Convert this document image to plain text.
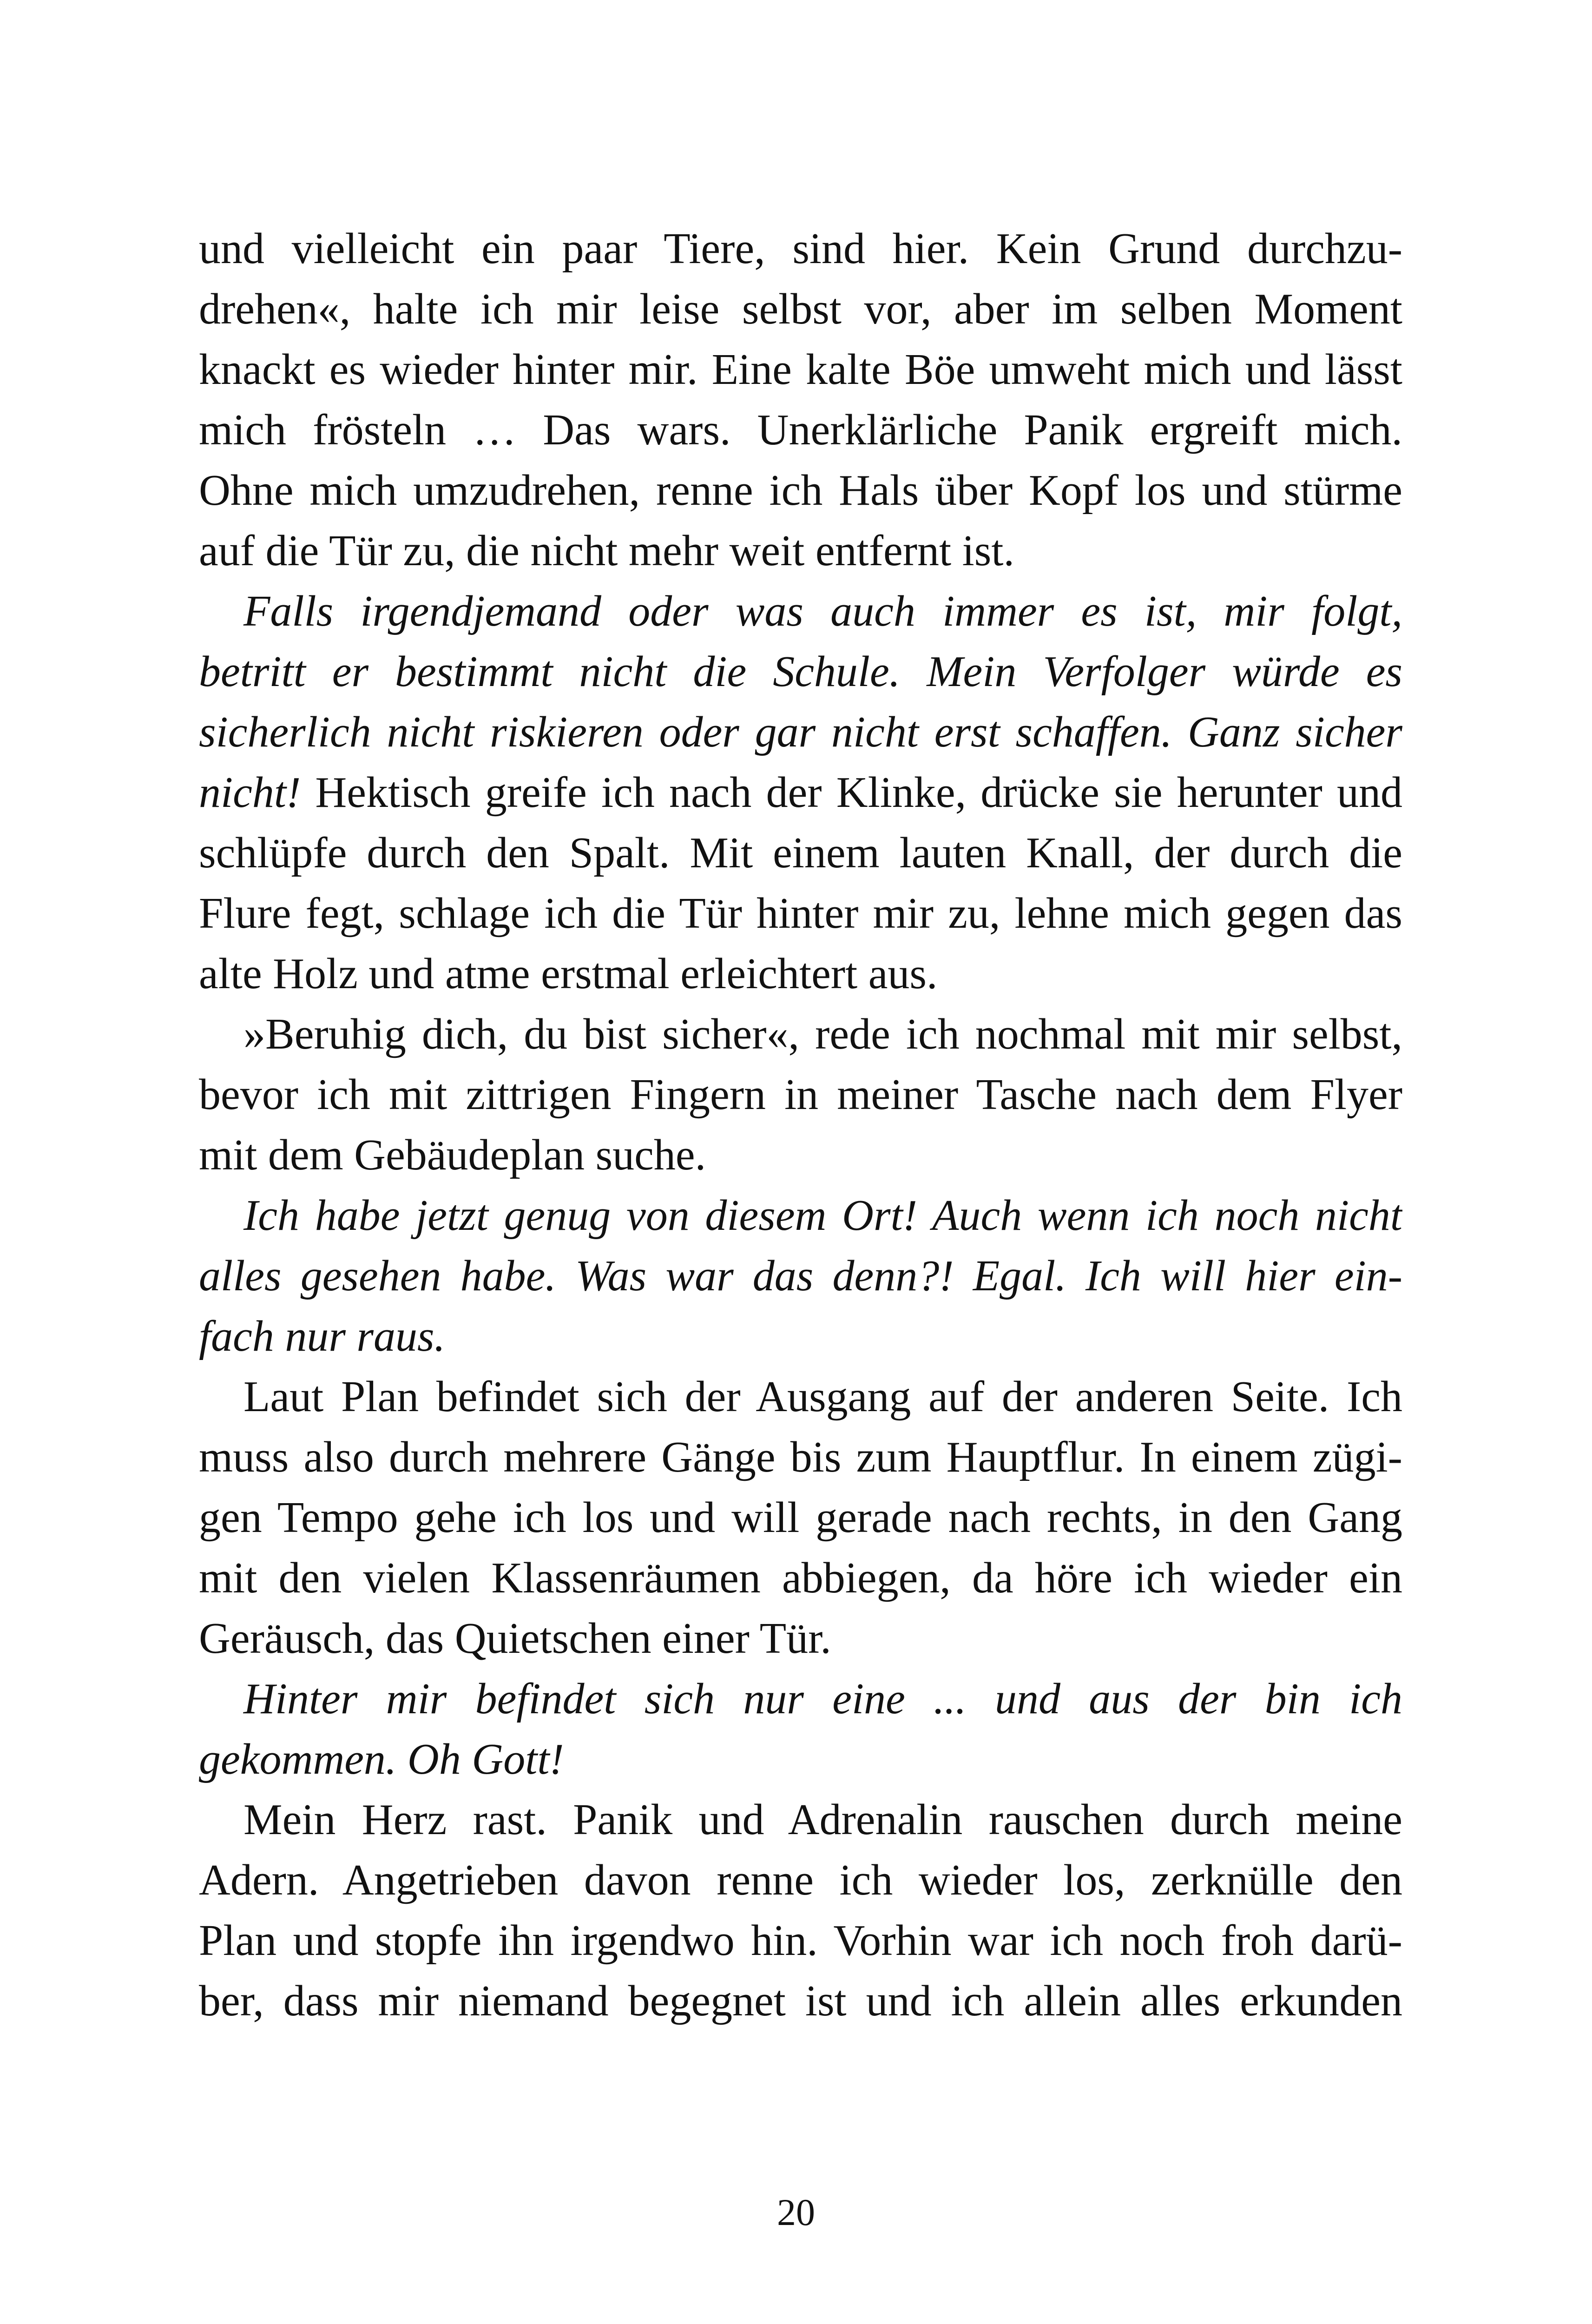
und vielleicht ein paar Tiere, sind hier. Kein Grund durchzu-
drehen«, halte ich mir leise selbst vor, aber im selben Moment
knackt es wieder hinter mir. Eine kalte Böe umweht mich und lässt
mich frösteln … Das wars. Unerklärliche Panik ergreift mich.
Ohne mich umzudrehen, renne ich Hals über Kopf los und stürme
auf die Tür zu, die nicht mehr weit entfernt ist.
Falls irgendjemand oder was auch immer es ist, mir folgt,
betritt er bestimmt nicht die Schule. Mein Verfolger würde es
sicherlich nicht riskieren oder gar nicht erst schaffen. Ganz sicher
nicht! Hektisch greife ich nach der Klinke, drücke sie herunter und
schlüpfe durch den Spalt. Mit einem lauten Knall, der durch die
Flure fegt, schlage ich die Tür hinter mir zu, lehne mich gegen das
alte Holz und atme erstmal erleichtert aus.
»Beruhig dich, du bist sicher«, rede ich nochmal mit mir selbst,
bevor ich mit zittrigen Fingern in meiner Tasche nach dem Flyer
mit dem Gebäudeplan suche.
Ich habe jetzt genug von diesem Ort! Auch wenn ich noch nicht
alles gesehen habe. Was war das denn?! Egal. Ich will hier ein-
fach nur raus.
Laut Plan befindet sich der Ausgang auf der anderen Seite. Ich
muss also durch mehrere Gänge bis zum Hauptflur. In einem zügi-
gen Tempo gehe ich los und will gerade nach rechts, in den Gang
mit den vielen Klassenräumen abbiegen, da höre ich wieder ein
Geräusch, das Quietschen einer Tür.
Hinter mir befindet sich nur eine ... und aus der bin ich
gekommen. Oh Gott!
Mein Herz rast. Panik und Adrenalin rauschen durch meine
Adern. Angetrieben davon renne ich wieder los, zerknülle den
Plan und stopfe ihn irgendwo hin. Vorhin war ich noch froh darü-
ber, dass mir niemand begegnet ist und ich allein alles erkunden
20
